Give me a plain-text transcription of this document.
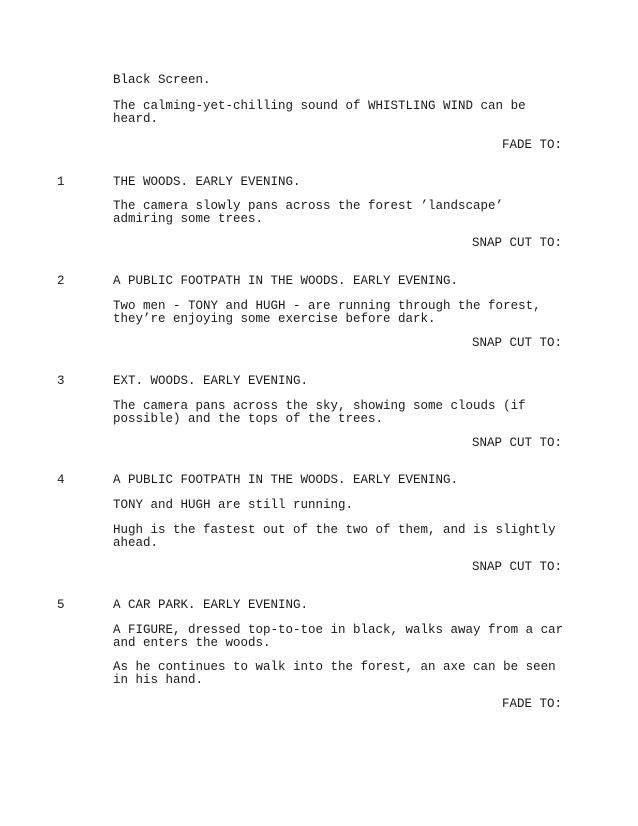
Black Screen.

The calming-yet-chilling sound of WHISTLING WIND can be

heard.

FADE TO:

1	THE WOODS. EARLY EVENING.

The camera slowly pans across the forest ’landscape’

admiring some trees.

SNAP CUT TO:

2	A PUBLIC FOOTPATH IN THE WOODS. EARLY EVENING.

Two men - TONY and HUGH - are running through the forest,

they’re enjoying some exercise before dark.

SNAP CUT TO:

3	EXT. WOODS. EARLY EVENING.

The camera pans across the sky, showing some clouds (if

possible) and the tops of the trees.

SNAP CUT TO:

4	A PUBLIC FOOTPATH IN THE WOODS. EARLY EVENING.

TONY and HUGH are still running.

Hugh is the fastest out of the two of them, and is slightly

ahead.

SNAP CUT TO:

5	A CAR PARK. EARLY EVENING.

A FIGURE, dressed top-to-toe in black, walks away from a car

and enters the woods.

As he continues to walk into the forest, an axe can be seen

in his hand.

FADE TO:
